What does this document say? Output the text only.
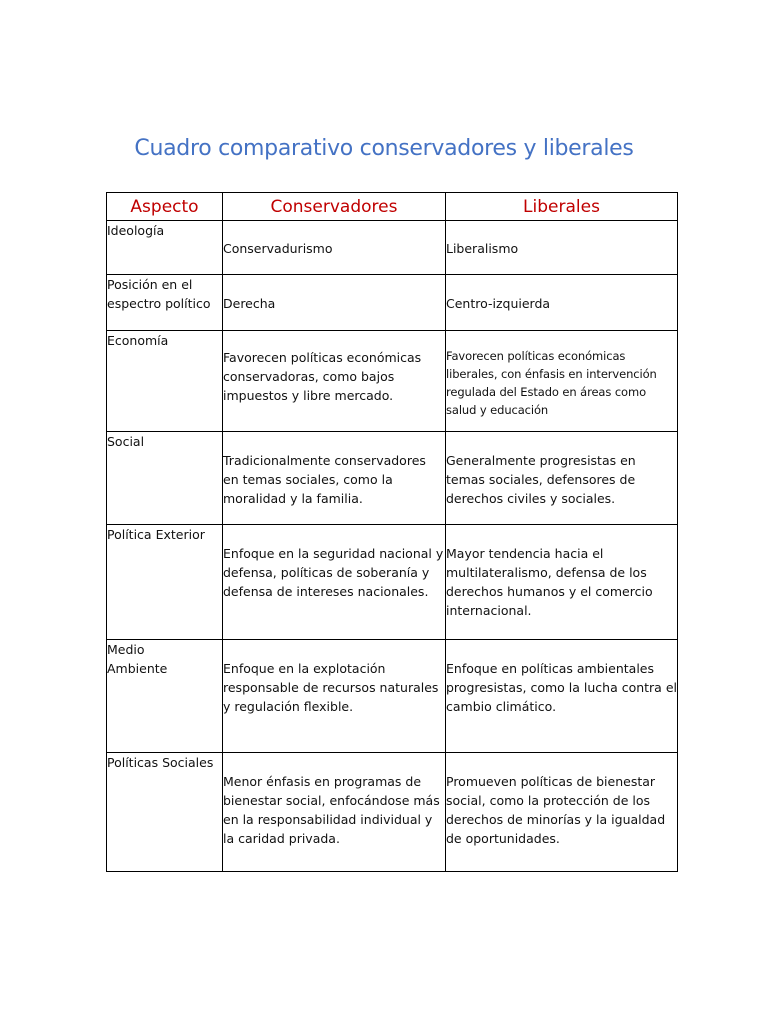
Cuadro comparativo conservadores y liberales
Aspecto	Conservadores	Liberales

Ideología	Conservadurismo	Liberalismo

Posición en el espectro político	Derecha	Centro-izquierda

Economía	Favorecen políticas económicas conservadoras, como bajos impuestos y libre mercado.	Favorecen políticas económicas liberales, con énfasis en intervención regulada del Estado en áreas como salud y educación

Social	Tradicionalmente conservadores en temas sociales, como la moralidad y la familia.	Generalmente progresistas en temas sociales, defensores de derechos civiles y sociales.

Política Exterior	Enfoque en la seguridad nacional y defensa, políticas de soberanía y defensa de intereses nacionales.	Mayor tendencia hacia el multilateralismo, defensa de los derechos humanos y el comercio internacional.

Medio Ambiente	Enfoque en la explotación responsable de recursos naturales y regulación flexible.	Enfoque en políticas ambientales progresistas, como la lucha contra el cambio climático.

Políticas Sociales	Menor énfasis en programas de bienestar social, enfocándose más en la responsabilidad individual y la caridad privada.	Promueven políticas de bienestar social, como la protección de los derechos de minorías y la igualdad de oportunidades.
